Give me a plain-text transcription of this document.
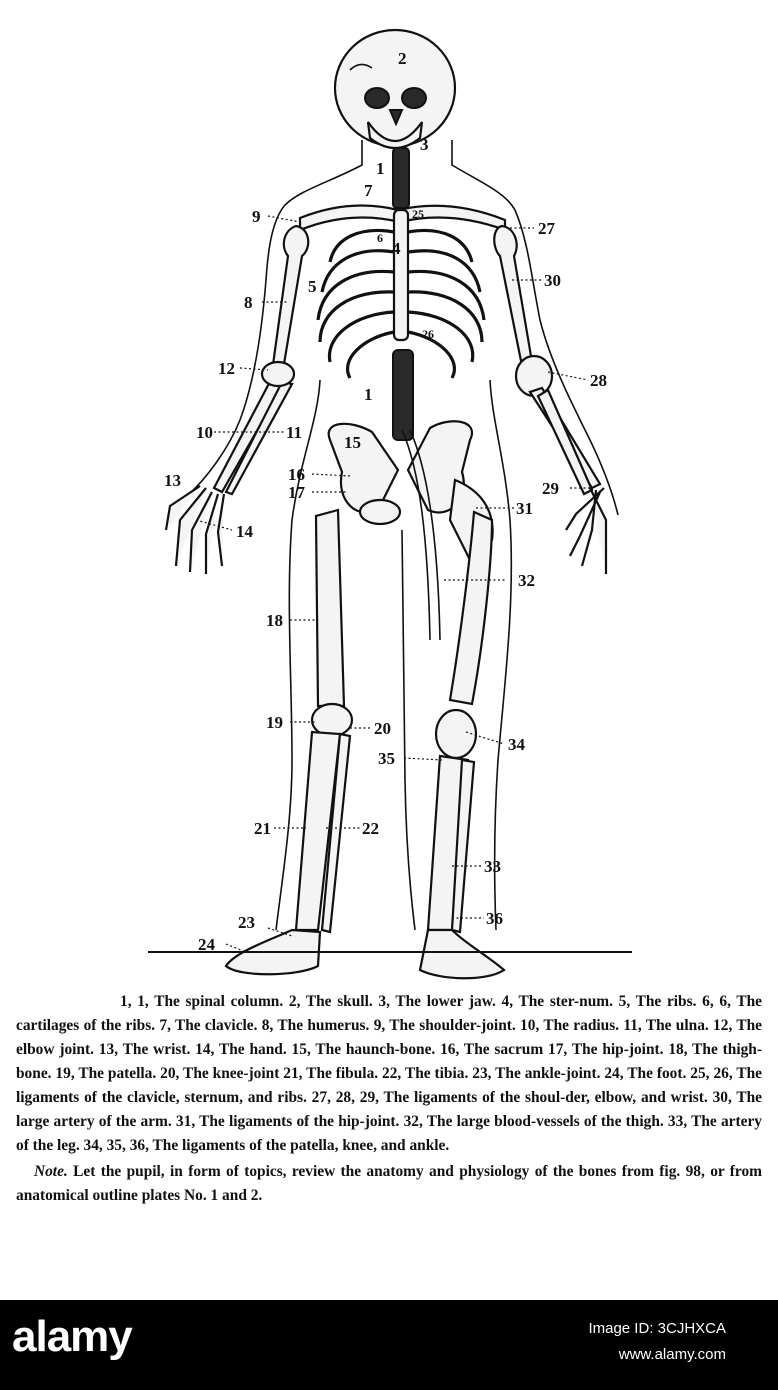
2
1
3
7
9
27
25
6
4
30
8
5
26
12
28
1
10	11
15
16
17
31
13	29
14
32
18
19	20
34
35
21	22
33
23	36
24

1, 1, The spinal column. 2, The skull. 3, The lower jaw. 4, The ster-num. 5, The ribs. 6, 6, The cartilages of the ribs. 7, The clavicle. 8, The humerus. 9, The shoulder-joint. 10, The radius. 11, The ulna. 12, The elbow joint. 13, The wrist. 14, The hand. 15, The haunch-bone. 16, The sacrum 17, The hip-joint. 18, The thigh-bone. 19, The patella. 20, The knee-joint 21, The fibula. 22, The tibia. 23, The ankle-joint. 24, The foot. 25, 26, The ligaments of the clavicle, sternum, and ribs. 27, 28, 29, The ligaments of the shoul-der, elbow, and wrist. 30, The large artery of the arm. 31, The ligaments of the hip-joint. 32, The large blood-vessels of the thigh. 33, The artery of the leg. 34, 35, 36, The ligaments of the patella, knee, and ankle.

Note. Let the pupil, in form of topics, review the anatomy and physiology of the bones from fig. 98, or from anatomical outline plates No. 1 and 2.

alamy	Image ID: 3CJHXCA
www.alamy.com
